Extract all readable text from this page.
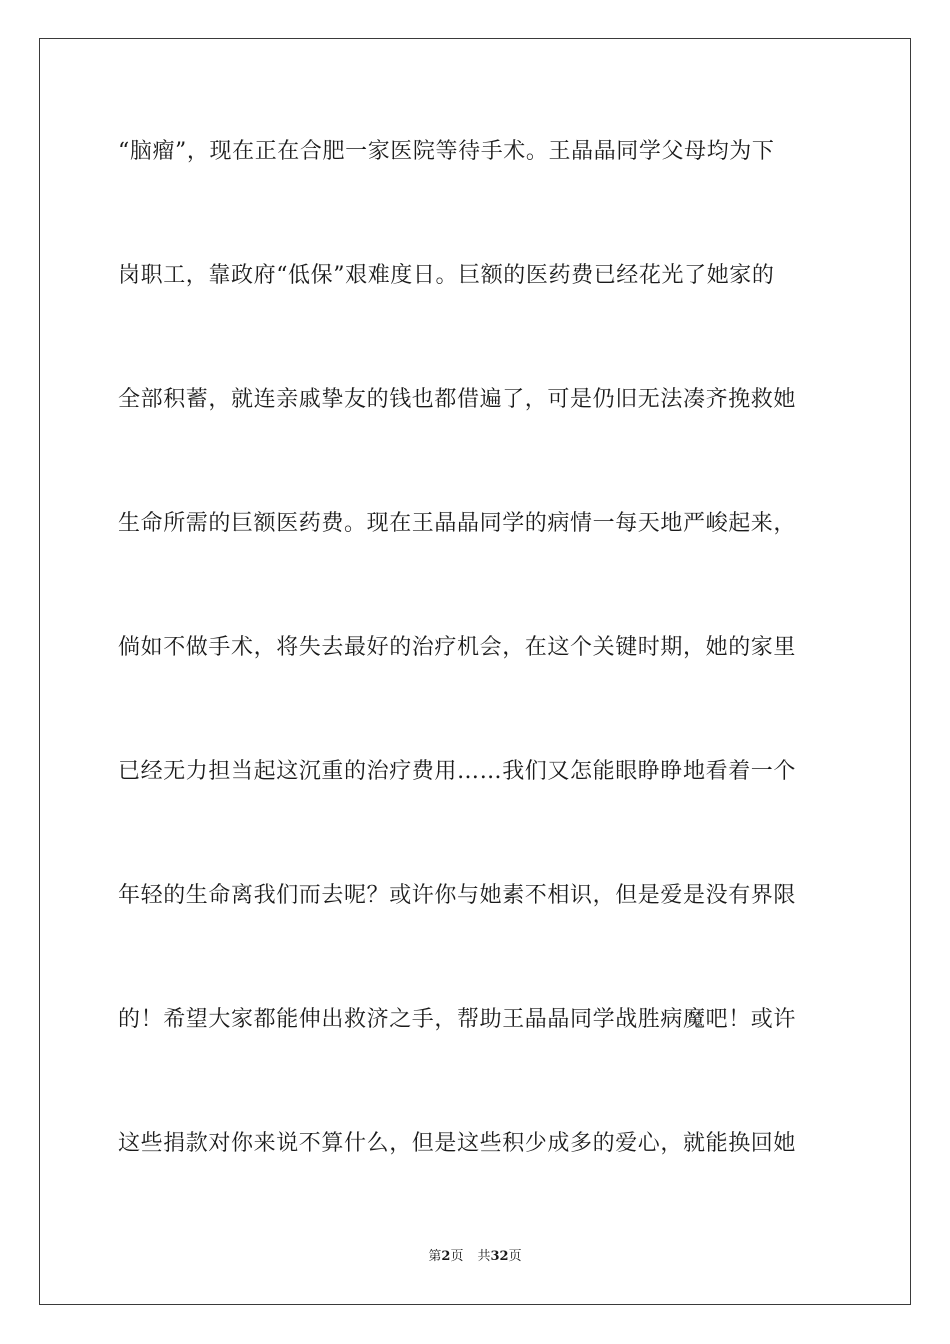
“脑瘤”，现在正在合肥一家医院等待手术。王晶晶同学父母均为下
岗职工，靠政府“低保”艰难度日。巨额的医药费已经花光了她家的
全部积蓄，就连亲戚挚友的钱也都借遍了，可是仍旧无法凑齐挽救她
生命所需的巨额医药费。现在王晶晶同学的病情一每天地严峻起来，
倘如不做手术，将失去最好的治疗机会，在这个关键时期，她的家里
已经无力担当起这沉重的治疗费用……我们又怎能眼睁睁地看着一个
年轻的生命离我们而去呢？或许你与她素不相识，但是爱是没有界限
的！希望大家都能伸出救济之手，帮助王晶晶同学战胜病魔吧！或许
这些捐款对你来说不算什么，但是这些积少成多的爱心，就能换回她
第2页 共32页
